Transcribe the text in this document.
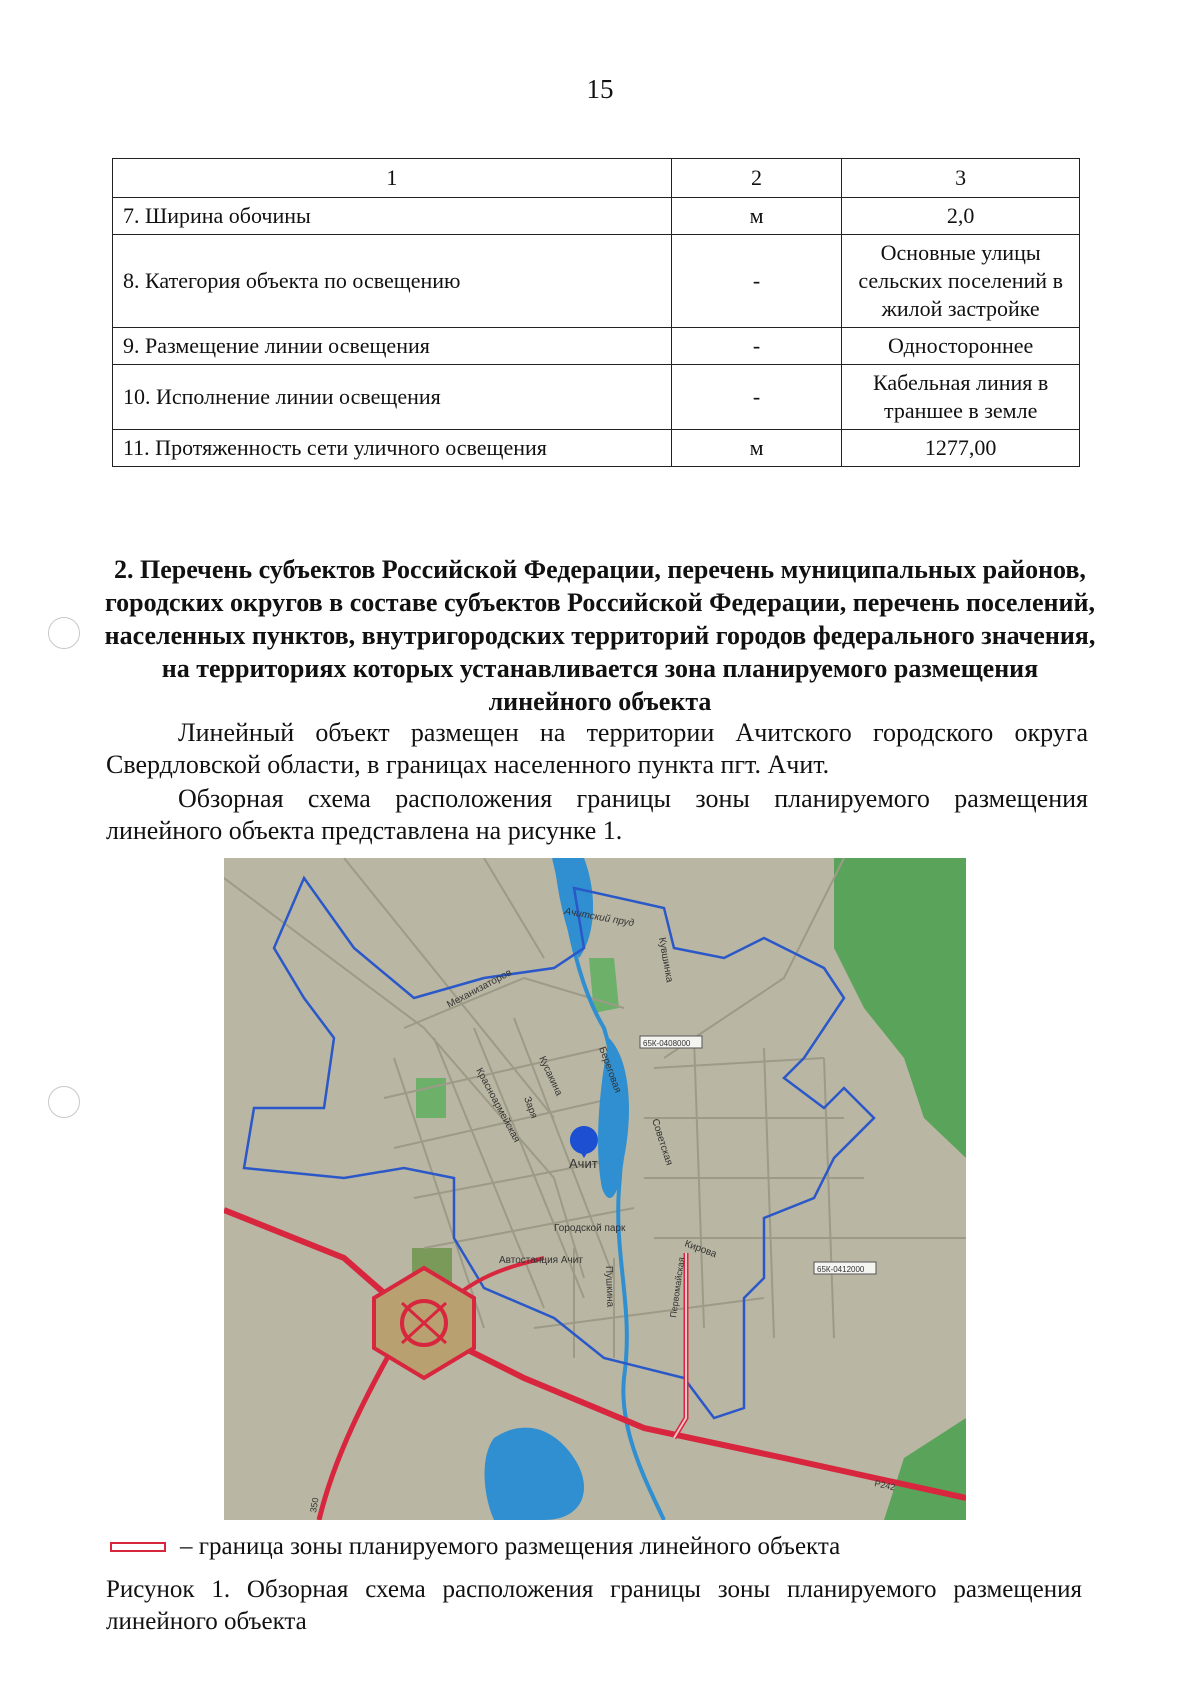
15
1	2	3
7. Ширина обочины	м	2,0
8. Категория объекта по освещению	-	Основные улицы сельских поселений в жилой застройке
9. Размещение линии освещения	-	Одностороннее
10. Исполнение линии освещения	-	Кабельная линия в траншее в земле
11. Протяженность сети уличного освещения	м	1277,00
2. Перечень субъектов Российской Федерации, перечень муниципальных районов, городских округов в составе субъектов Российской Федерации, перечень поселений, населенных пунктов, внутригородских территорий городов федерального значения, на территориях которых устанавливается зона планируемого размещения линейного объекта
Линейный объект размещен на территории Ачитского городского округа Свердловской области, в границах населенного пункта пгт. Ачит.
Обзорная схема расположения границы зоны планируемого размещения линейного объекта представлена на рисунке 1.
Ачитский пруд
Кувшинка
Механизаторов
Береговая
Кусакина
Красноармейская Заря
Советская
Ачит
Городской парк
Автостанция Ачит
Пушкина
Кирова
65К-0408000
65К-0412000
Первомайская
Р242
350
– граница зоны планируемого размещения линейного объекта
Рисунок 1. Обзорная схема расположения границы зоны планируемого размещения линейного объекта
